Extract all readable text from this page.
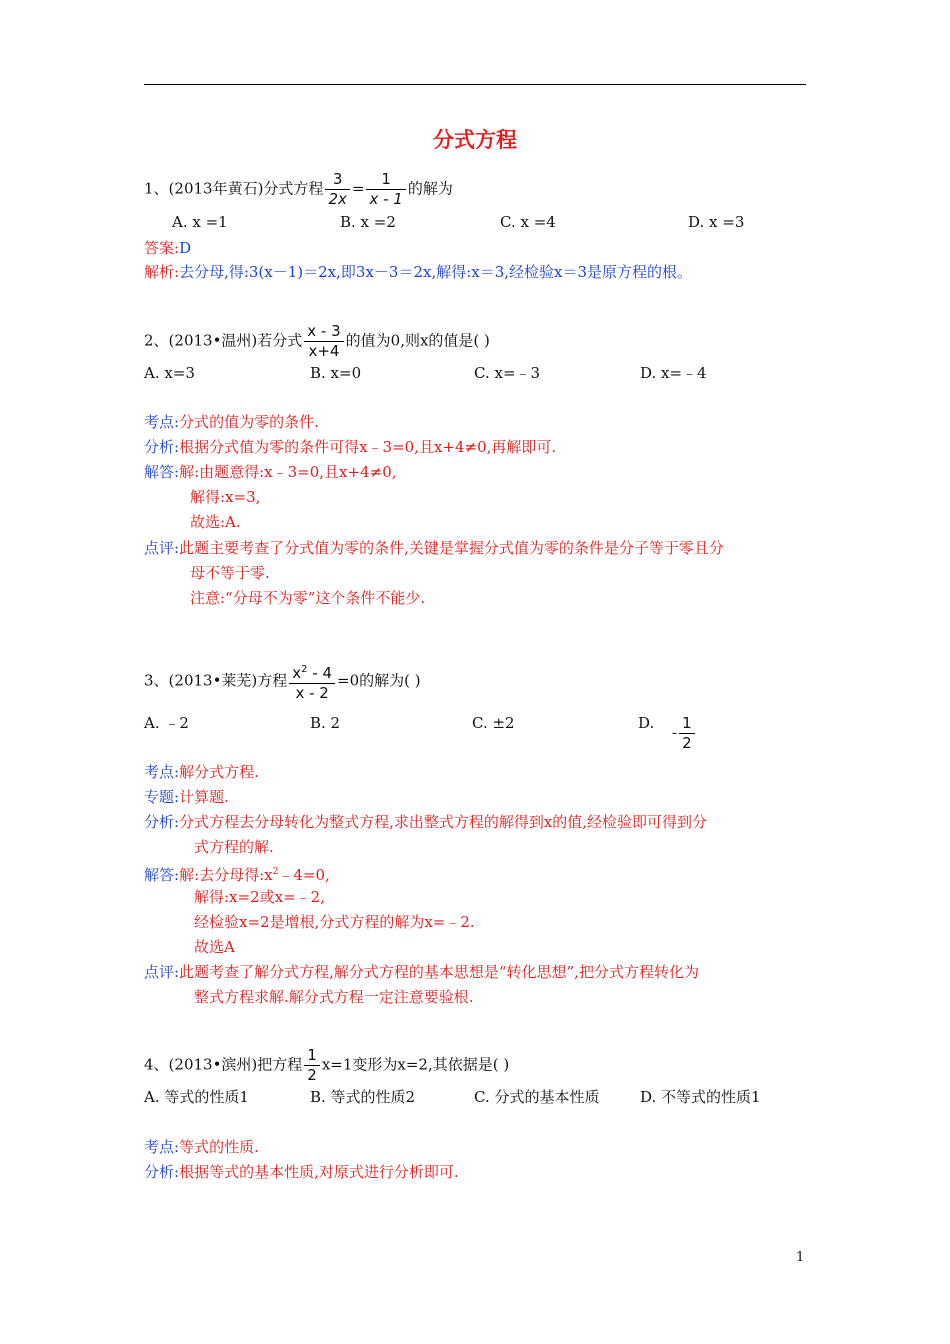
分式方程
1、(2013年黄石)分式方程 $\frac{3}{2x} = \frac{1}{x - 1}$ 的解为
A. x =1	B. x =2	C. x =4	D. x =3
答案:D
解析:去分母,得:3(x－1)＝2x,即3x－3＝2x,解得:x＝3,经检验x＝3是原方程的根。
2、(2013•温州)若分式 $\frac{x - 3}{x+4}$ 的值为0,则x的值是( )
A. x=3	B. x=0	C. x=﹣3	D. x=﹣4
考点:分式的值为零的条件.
分析:根据分式值为零的条件可得x﹣3=0,且x+4≠0,再解即可.
解答:解:由题意得:x﹣3=0,且x+4≠0,
解得:x=3,
故选:A.
点评:此题主要考查了分式值为零的条件,关键是掌握分式值为零的条件是分子等于零且分
母不等于零.
注意:“分母不为零”这个条件不能少.
3、(2013•莱芜)方程 $\frac{x^2 - 4}{x - 2} =0$的解为( )
A. ﹣2	B. 2	C. ±2	D.
- $\frac{1}{2}$
考点:解分式方程.
专题:计算题.
分析:分式方程去分母转化为整式方程,求出整式方程的解得到x的值,经检验即可得到分
式方程的解.
解答:解:去分母得$:x^2﹣4=0$,
解得:x=2或x=﹣2,
经检验x=2是增根,分式方程的解为x=﹣2.
故选A
点评:此题考查了解分式方程,解分式方程的基本思想是“转化思想”,把分式方程转化为
整式方程求解.解分式方程一定注意要验根.
4、(2013•滨州)把方程 $\frac{1}{2} x=1$变形为x=2,其依据是( )
A. 等式的性质1	B. 等式的性质2	C. 分式的基本性质	D. 不等式的性质1
考点:等式的性质.
分析:根据等式的基本性质,对原式进行分析即可.
1
